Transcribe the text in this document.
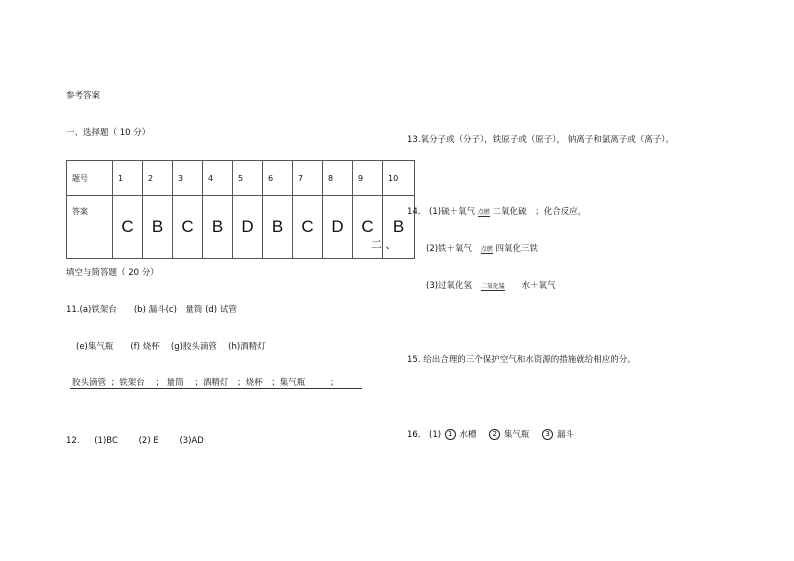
参考答案
一、选择题（ 10 分）
题号	1	2	3	4	5	6	7	8	9	10
答案	C	B	C	B	D	B	C	D	C	B
二 、
填空与简答题（ 20 分）
11.(a)铁架台　　(b) 漏斗(c)　量筒 (d) 试管
(e)集气瓶　　(f) 烧杯　 (g)胶头滴管　 (h)酒精灯
胶头滴管 ；铁架台 ； 量筒 ；酒精灯 ；烧杯 ；集气瓶	；
12. (1)BC (2) E (3)AD
13.氧分子或（分子），铁原子或（原子）， 钠离子和氯离子或（离子）。
14． (1)硫＋氧气 点燃 二氧化硫 ；化合反应，
(2)铁＋氧气 点燃 四氧化三铁
(3)过氧化氢 二氧化锰 水＋氧气
15. 给出合理的三个保护空气和水资源的措施就给相应的分。
16． (1) 1 水槽 2 集气瓶 3 漏斗
